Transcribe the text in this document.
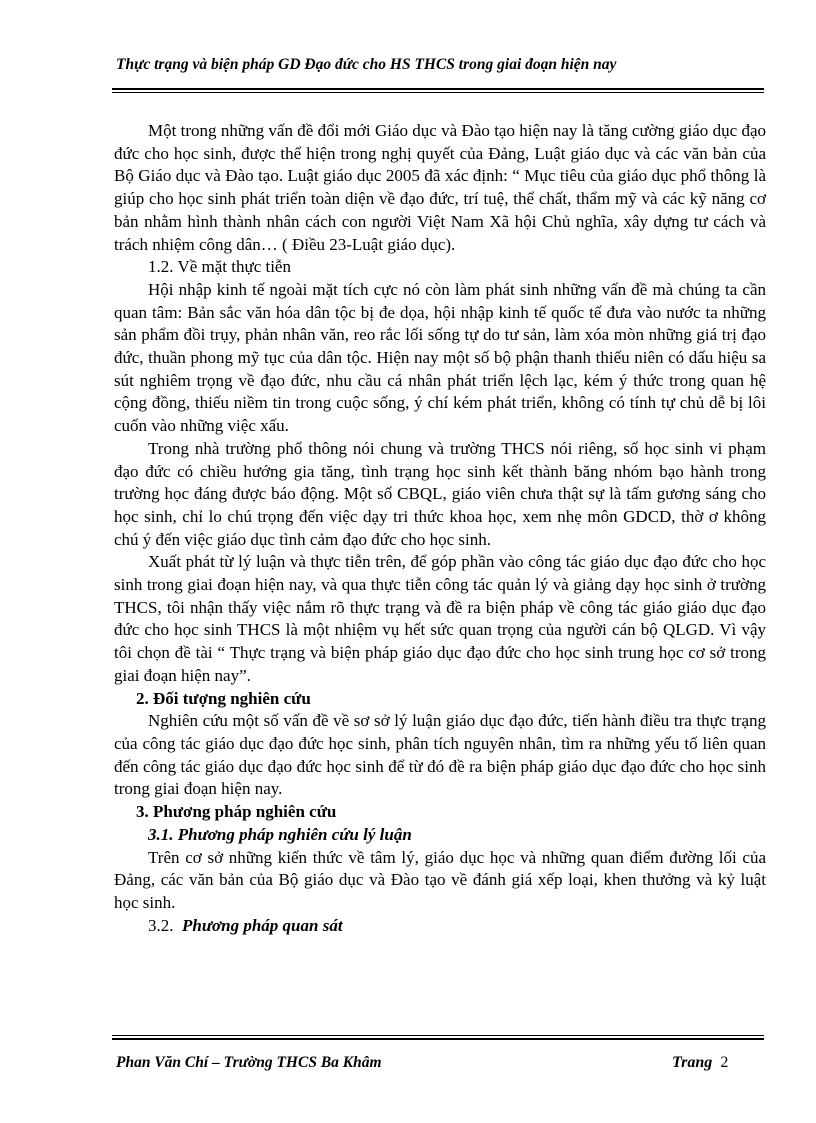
Thực trạng và biện pháp GD Đạo đức cho HS THCS trong giai đoạn hiện nay

Một trong những vấn đề đổi mới Giáo dục và Đào tạo hiện nay là tăng cường giáo dục đạo đức cho học sinh, được thể hiện trong nghị quyết của Đảng, Luật giáo dục và các văn bản của Bộ Giáo dục và Đào tạo. Luật giáo dục 2005 đã xác định: “ Mục tiêu của giáo dục phổ thông là giúp cho học sinh phát triển toàn diện về đạo đức, trí tuệ, thể chất, thẩm mỹ và các kỹ năng cơ bản nhằm hình thành nhân cách con người Việt Nam Xã hội Chủ nghĩa, xây dựng tư cách và trách nhiệm công dân… ( Điều 23-Luật giáo dục).

1.2. Về mặt thực tiễn

Hội nhập kinh tế ngoài mặt tích cực nó còn làm phát sinh những vấn đề mà chúng ta cần quan tâm: Bản sắc văn hóa dân tộc bị đe dọa, hội nhập kinh tế quốc tế đưa vào nước ta những sản phẩm đồi trụy, phản nhân văn, reo rắc lối sống tự do tư sản, làm xóa mòn những giá trị đạo đức, thuần phong mỹ tục của dân tộc. Hiện nay một số bộ phận thanh thiếu niên có dấu hiệu sa sút nghiêm trọng về đạo đức, nhu cầu cá nhân phát triển lệch lạc, kém ý thức trong quan hệ cộng đồng, thiếu niềm tin trong cuộc sống, ý chí kém phát triển, không có tính tự chủ dễ bị lôi cuốn vào những việc xấu.

Trong nhà trường phổ thông nói chung và trường THCS nói riêng, số học sinh vi phạm đạo đức có chiều hướng gia tăng, tình trạng học sinh kết thành băng nhóm bạo hành trong trường học đáng được báo động. Một số CBQL, giáo viên chưa thật sự là tấm gương sáng cho học sinh, chỉ lo chú trọng đến việc dạy tri thức khoa học, xem nhẹ môn GDCD, thờ ơ không chú ý đến việc giáo dục tình cảm đạo đức cho học sinh.

Xuất phát từ lý luận và thực tiễn trên, để góp phần vào công tác giáo dục đạo đức cho học sinh trong giai đoạn hiện nay, và qua thực tiễn công tác quản lý và giảng dạy học sinh ở trường THCS, tôi nhận thấy việc nắm rõ thực trạng và đề ra biện pháp về công tác giáo giáo dục đạo đức cho học sinh THCS là một nhiệm vụ hết sức quan trọng của người cán bộ QLGD. Vì vậy tôi chọn đề tài “ Thực trạng và biện pháp giáo dục đạo đức cho học sinh trung học cơ sở trong giai đoạn hiện nay”.

2. Đối tượng nghiên cứu

Nghiên cứu một số vấn đề về sơ sở lý luận giáo dục đạo đức, tiến hành điều tra thực trạng của công tác giáo dục đạo đức học sinh, phân tích nguyên nhân, tìm ra những yếu tố liên quan đến công tác giáo dục đạo đức học sinh để từ đó đề ra biện pháp giáo dục đạo đức cho học sinh trong giai đoạn hiện nay.

3. Phương pháp nghiên cứu
3.1. Phương pháp nghiên cứu lý luận

Trên cơ sở những kiến thức về tâm lý, giáo dục học và những quan điểm đường lối của Đảng, các văn bản của Bộ giáo dục và Đào tạo về đánh giá xếp loại, khen thưởng và kỷ luật học sinh.

3.2. Phương pháp quan sát
Phan Văn Chí – Trường THCS Ba Khâm	Trang 2
